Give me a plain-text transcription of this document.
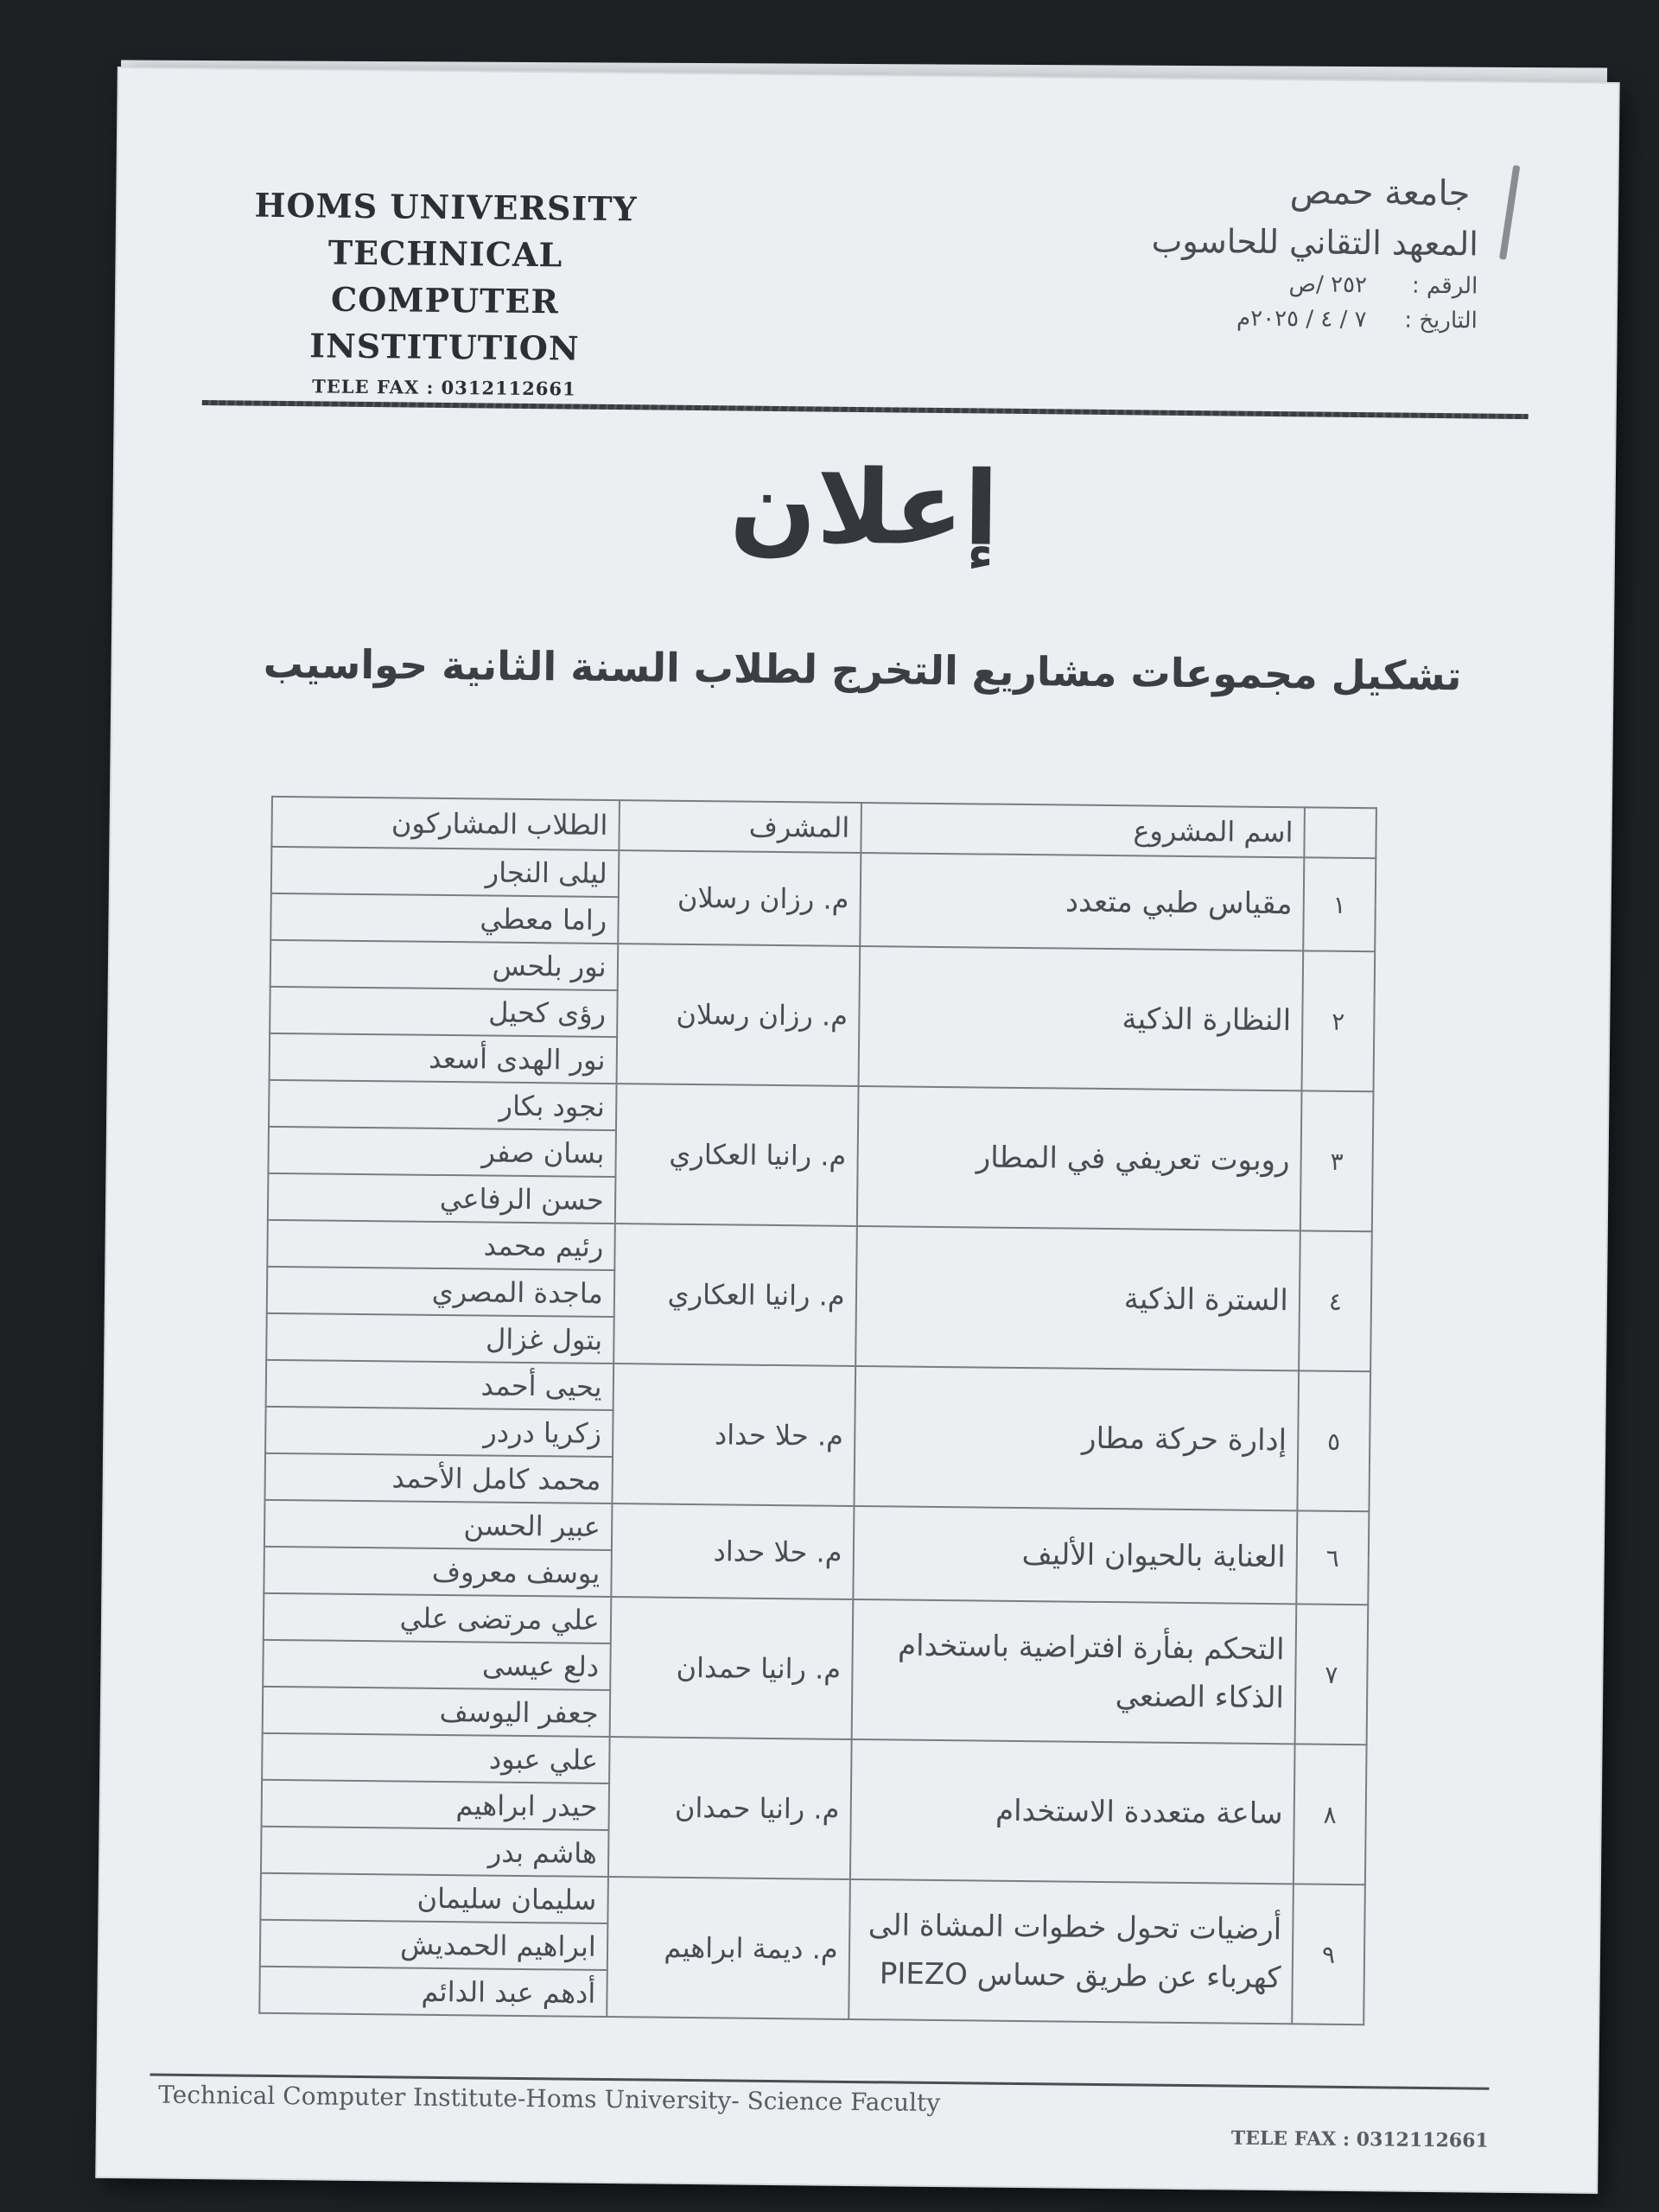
HOMS UNIVERSITY
TECHNICAL COMPUTER
INSTITUTION
TELE FAX : 0312112661
جامعة حمص
المعهد التقاني للحاسوب
الرقم : ٢٥٢ /ص
التاريخ : ٧ / ٤ / ٢٠٢٥م
إعلان
تشكيل مجموعات مشاريع التخرج لطلاب السنة الثانية حواسيب
	اسم المشروع	المشرف	الطلاب المشاركون
١	مقياس طبي متعدد	م. رزان رسلان	ليلى النجار
			راما معطي
٢	النظارة الذكية	م. رزان رسلان	نور بلحس
			رؤى كحيل
			نور الهدى أسعد
٣	روبوت تعريفي في المطار	م. رانيا العكاري	نجود بكار
			بسان صفر
			حسن الرفاعي
٤	السترة الذكية	م. رانيا العكاري	رئيم محمد
			ماجدة المصري
			بتول غزال
٥	إدارة حركة مطار	م. حلا حداد	يحيى أحمد
			زكريا دردر
			محمد كامل الأحمد
٦	العناية بالحيوان الأليف	م. حلا حداد	عبير الحسن
			يوسف معروف
٧	التحكم بفأرة افتراضية باستخدام الذكاء الصنعي	م. رانيا حمدان	علي مرتضى علي
			دلع عيسى
			جعفر اليوسف
٨	ساعة متعددة الاستخدام	م. رانيا حمدان	علي عبود
			حيدر ابراهيم
			هاشم بدر
٩	أرضيات تحول خطوات المشاة الى كهرباء عن طريق حساس PIEZO	م. ديمة ابراهيم	سليمان سليمان
			ابراهيم الحمديش
			أدهم عبد الدائم
Technical Computer Institute-Homs University- Science Faculty
TELE FAX : 0312112661
